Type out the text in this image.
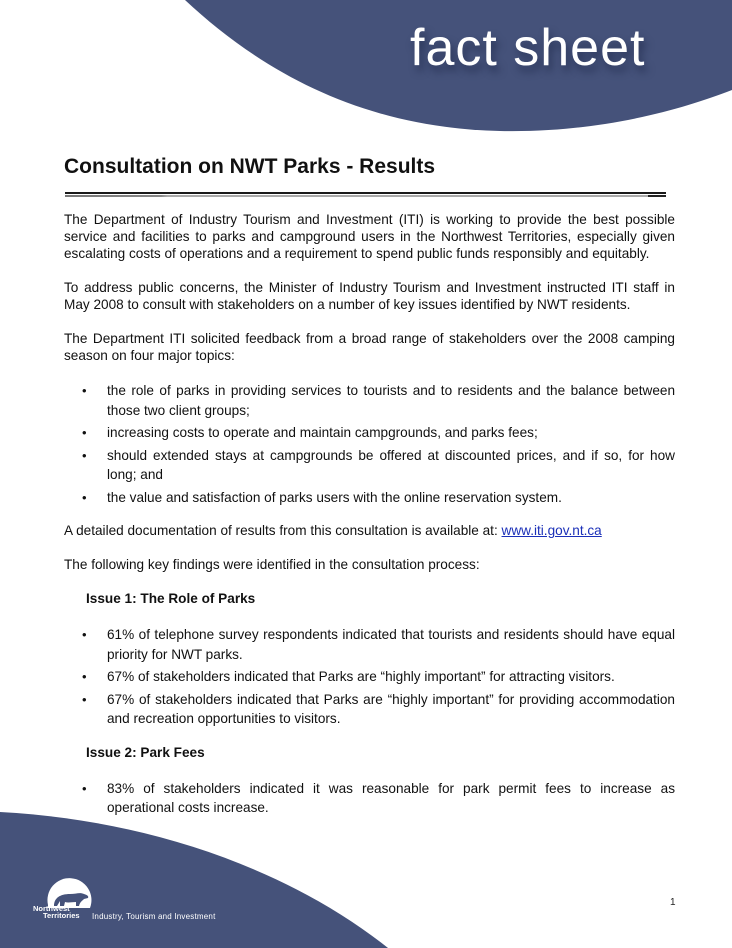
fact sheet
Consultation on NWT Parks - Results

The Department of Industry Tourism and Investment (ITI) is working to provide the best possible service and facilities to parks and campground users in the Northwest Territories, especially given escalating costs of operations and a requirement to spend public funds responsibly and equitably.

To address public concerns, the Minister of Industry Tourism and Investment instructed ITI staff in May 2008 to consult with stakeholders on a number of key issues identified by NWT residents.

The Department ITI solicited feedback from a broad range of stakeholders over the 2008 camping season on four major topics:

• the role of parks in providing services to tourists and to residents and the balance between those two client groups;
• increasing costs to operate and maintain campgrounds, and parks fees;
• should extended stays at campgrounds be offered at discounted prices, and if so, for how long; and
• the value and satisfaction of parks users with the online reservation system.

A detailed documentation of results from this consultation is available at: www.iti.gov.nt.ca

The following key findings were identified in the consultation process:

Issue 1: The Role of Parks
• 61% of telephone survey respondents indicated that tourists and residents should have equal priority for NWT parks.
• 67% of stakeholders indicated that Parks are “highly important” for attracting visitors.
• 67% of stakeholders indicated that Parks are “highly important” for providing accommodation and recreation opportunities to visitors.
Issue 2: Park Fees
• 83% of stakeholders indicated it was reasonable for park permit fees to increase as operational costs increase.
Northwest
Territories Industry, Tourism and Investment
1
